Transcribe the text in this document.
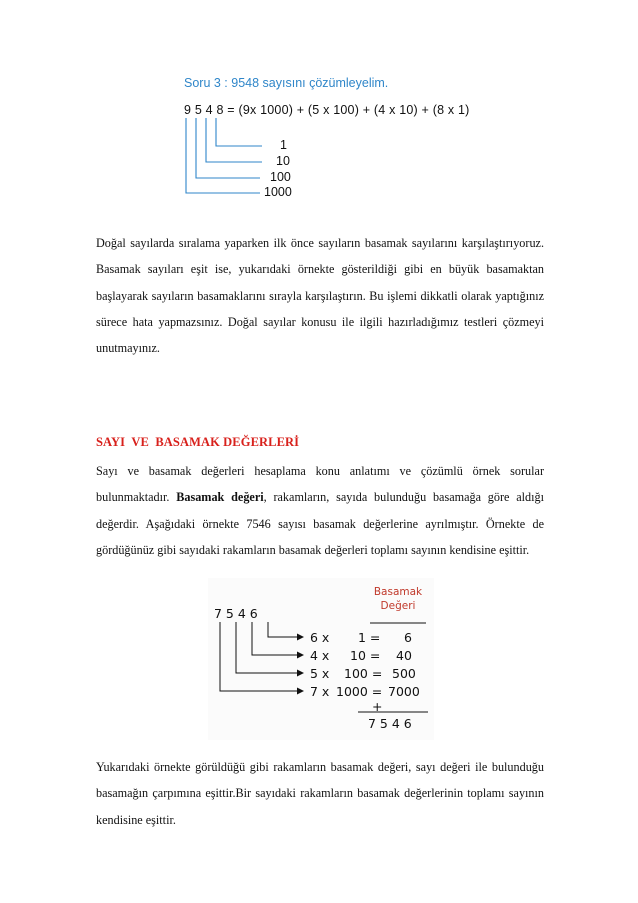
Soru 3 : 9548 sayısını çözümleyelim.
9 5 4 8 = (9x 1000) + (5 x 100) + (4 x 10) + (8 x 1)
1
10
100
1000
Doğal sayılarda sıralama yaparken ilk önce sayıların basamak sayılarını karşılaştırıyoruz. Basamak sayıları eşit ise, yukarıdaki örnekte gösterildiği gibi en büyük basamaktan başlayarak sayıların basamaklarını sırayla karşılaştırın. Bu işlemi dikkatli olarak yaptığınız sürece hata yapmazsınız. Doğal sayılar konusu ile ilgili hazırladığımız testleri çözmeyi unutmayınız.
SAYI  VE  BASAMAK DEĞERLERİ
Sayı ve basamak değerleri hesaplama konu anlatımı ve çözümlü örnek sorular bulunmaktadır. Basamak değeri, rakamların, sayıda bulunduğu basamağa göre aldığı değerdir. Aşağıdaki örnekte 7546 sayısı basamak değerlerine ayrılmıştır. Örnekte de gördüğünüz gibi sayıdaki rakamların basamak değerleri toplamı sayının kendisine eşittir.
7 5 4 6
Basamak
Değeri
6 x 1 = 6
4 x 10 = 40
5 x 100 = 500
7 x 1000 = 7000
+
7 5 4 6
Yukarıdaki örnekte görüldüğü gibi rakamların basamak değeri, sayı değeri ile bulunduğu basamağın çarpımına eşittir.Bir sayıdaki rakamların basamak değerlerinin toplamı sayının kendisine eşittir.
